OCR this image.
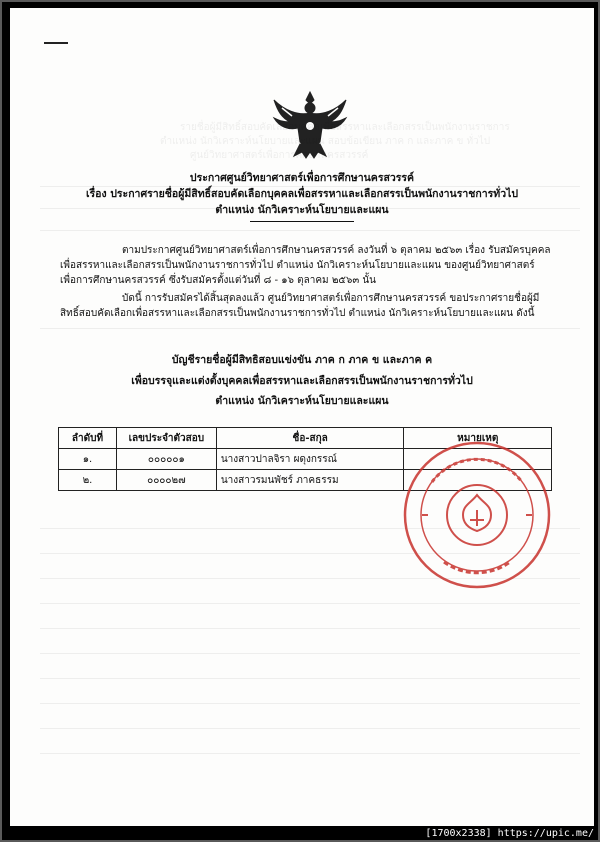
รายชื่อผู้มีสิทธิ์สอบคัดเลือกบุคคลเพื่อสรรหาและเลือกสรรเป็นพนักงานราชการ
ตำแหน่ง นักวิเคราะห์นโยบายและแผน สอบข้อเขียน ภาค ก และภาค ข ทั่วไป
ศูนย์วิทยาศาสตร์เพื่อการศึกษานครสวรรค์
ประกาศศูนย์วิทยาศาสตร์เพื่อการศึกษานครสวรรค์
เรื่อง ประกาศรายชื่อผู้มีสิทธิ์สอบคัดเลือกบุคคลเพื่อสรรหาและเลือกสรรเป็นพนักงานราชการทั่วไป
ตำแหน่ง นักวิเคราะห์นโยบายและแผน
ตามประกาศศูนย์วิทยาศาสตร์เพื่อการศึกษานครสวรรค์ ลงวันที่ ๖ ตุลาคม ๒๕๖๓ เรื่อง รับสมัครบุคคล
เพื่อสรรหาและเลือกสรรเป็นพนักงานราชการทั่วไป ตำแหน่ง นักวิเคราะห์นโยบายและแผน ของศูนย์วิทยาศาสตร์
เพื่อการศึกษานครสวรรค์ ซึ่งรับสมัครตั้งแต่วันที่ ๘ - ๑๖ ตุลาคม ๒๕๖๓ นั้น
บัดนี้ การรับสมัครได้สิ้นสุดลงแล้ว ศูนย์วิทยาศาสตร์เพื่อการศึกษานครสวรรค์ ขอประกาศรายชื่อผู้มี
สิทธิ์สอบคัดเลือกเพื่อสรรหาและเลือกสรรเป็นพนักงานราชการทั่วไป ตำแหน่ง นักวิเคราะห์นโยบายและแผน ดังนี้
บัญชีรายชื่อผู้มีสิทธิสอบแข่งขัน ภาค ก ภาค ข และภาค ค
เพื่อบรรจุและแต่งตั้งบุคคลเพื่อสรรหาและเลือกสรรเป็นพนักงานราชการทั่วไป
ตำแหน่ง นักวิเคราะห์นโยบายและแผน
ลำดับที่	เลขประจำตัวสอบ	ชื่อ-สกุล	หมายเหตุ
๑.	๐๐๐๐๐๑	นางสาวปาลจิรา ผดุงกรรณ์	
๒.	๐๐๐๐๒๗	นางสาวรมนพัชร์ ภาคธรรม	
[1700x2338] https://upic.me/
